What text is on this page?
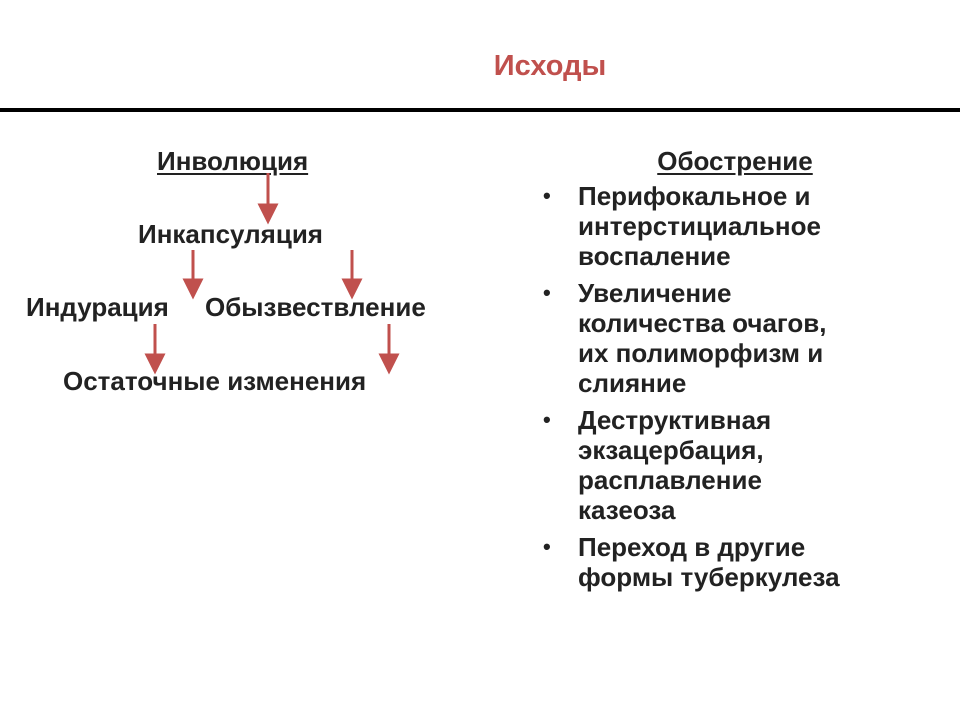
Исходы
Инволюция
Инкапсуляция
Индурация Обызвествление
Остаточные изменения
Обострение
• Перифокальное и
интерстициальное
воспаление
• Увеличение
количества очагов,
их полиморфизм и
слияние
• Деструктивная
экзацербация,
расплавление
казеоза
• Переход в другие
формы туберкулеза
